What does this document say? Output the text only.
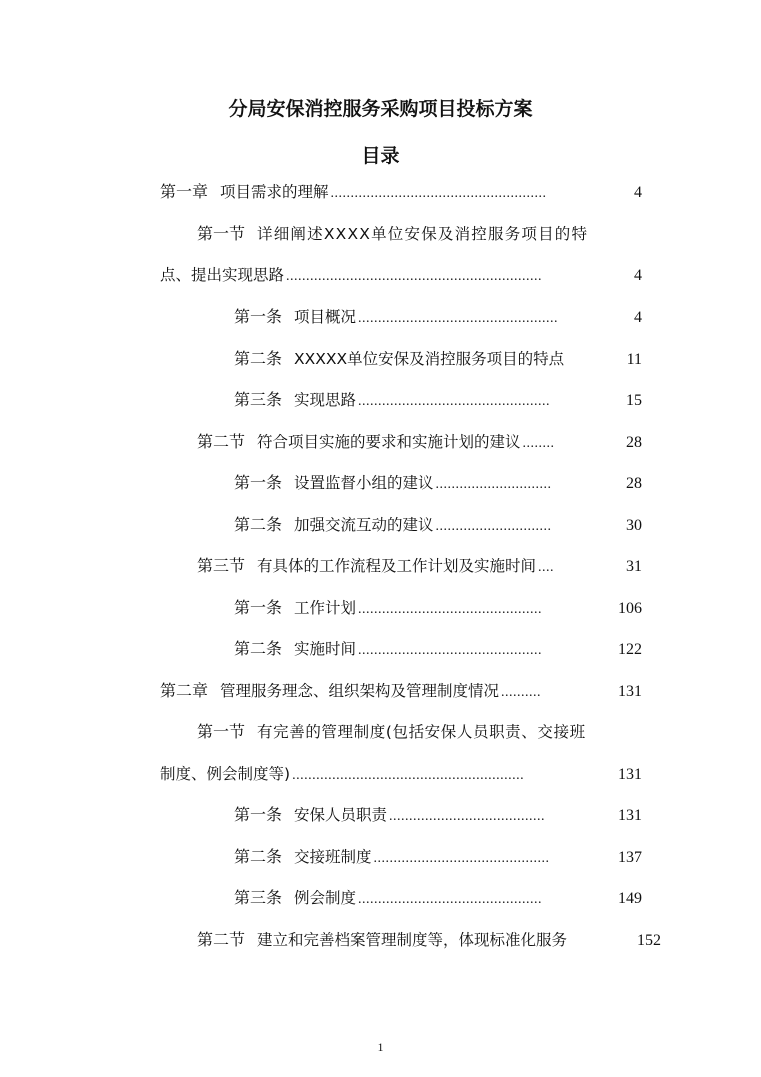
分局安保消控服务采购项目投标方案
目录
第一章 项目需求的理解 ......................................................	4
第一节 详细阐述XXXX单位安保及消控服务项目的特
点、提出实现思路 ................................................................	4
第一条 项目概况 ..................................................	4
第二条 XXXXX单位安保及消控服务项目的特点	11
第三条 实现思路 ................................................	15
第二节 符合项目实施的要求和实施计划的建议 ........	28
第一条 设置监督小组的建议 .............................	28
第二条 加强交流互动的建议 .............................	30
第三节 有具体的工作流程及工作计划及实施时间 ....	31
第一条 工作计划 ..............................................	106
第二条 实施时间 ..............................................	122
第二章 管理服务理念、组织架构及管理制度情况 ..........	131
第一节 有完善的管理制度(包括安保人员职责、交接班
制度、例会制度等) ..........................................................	131
第一条 安保人员职责 .......................................	131
第二条 交接班制度 ............................................	137
第三条 例会制度 ..............................................	149
第二节 建立和完善档案管理制度等，体现标准化服务	152
1
